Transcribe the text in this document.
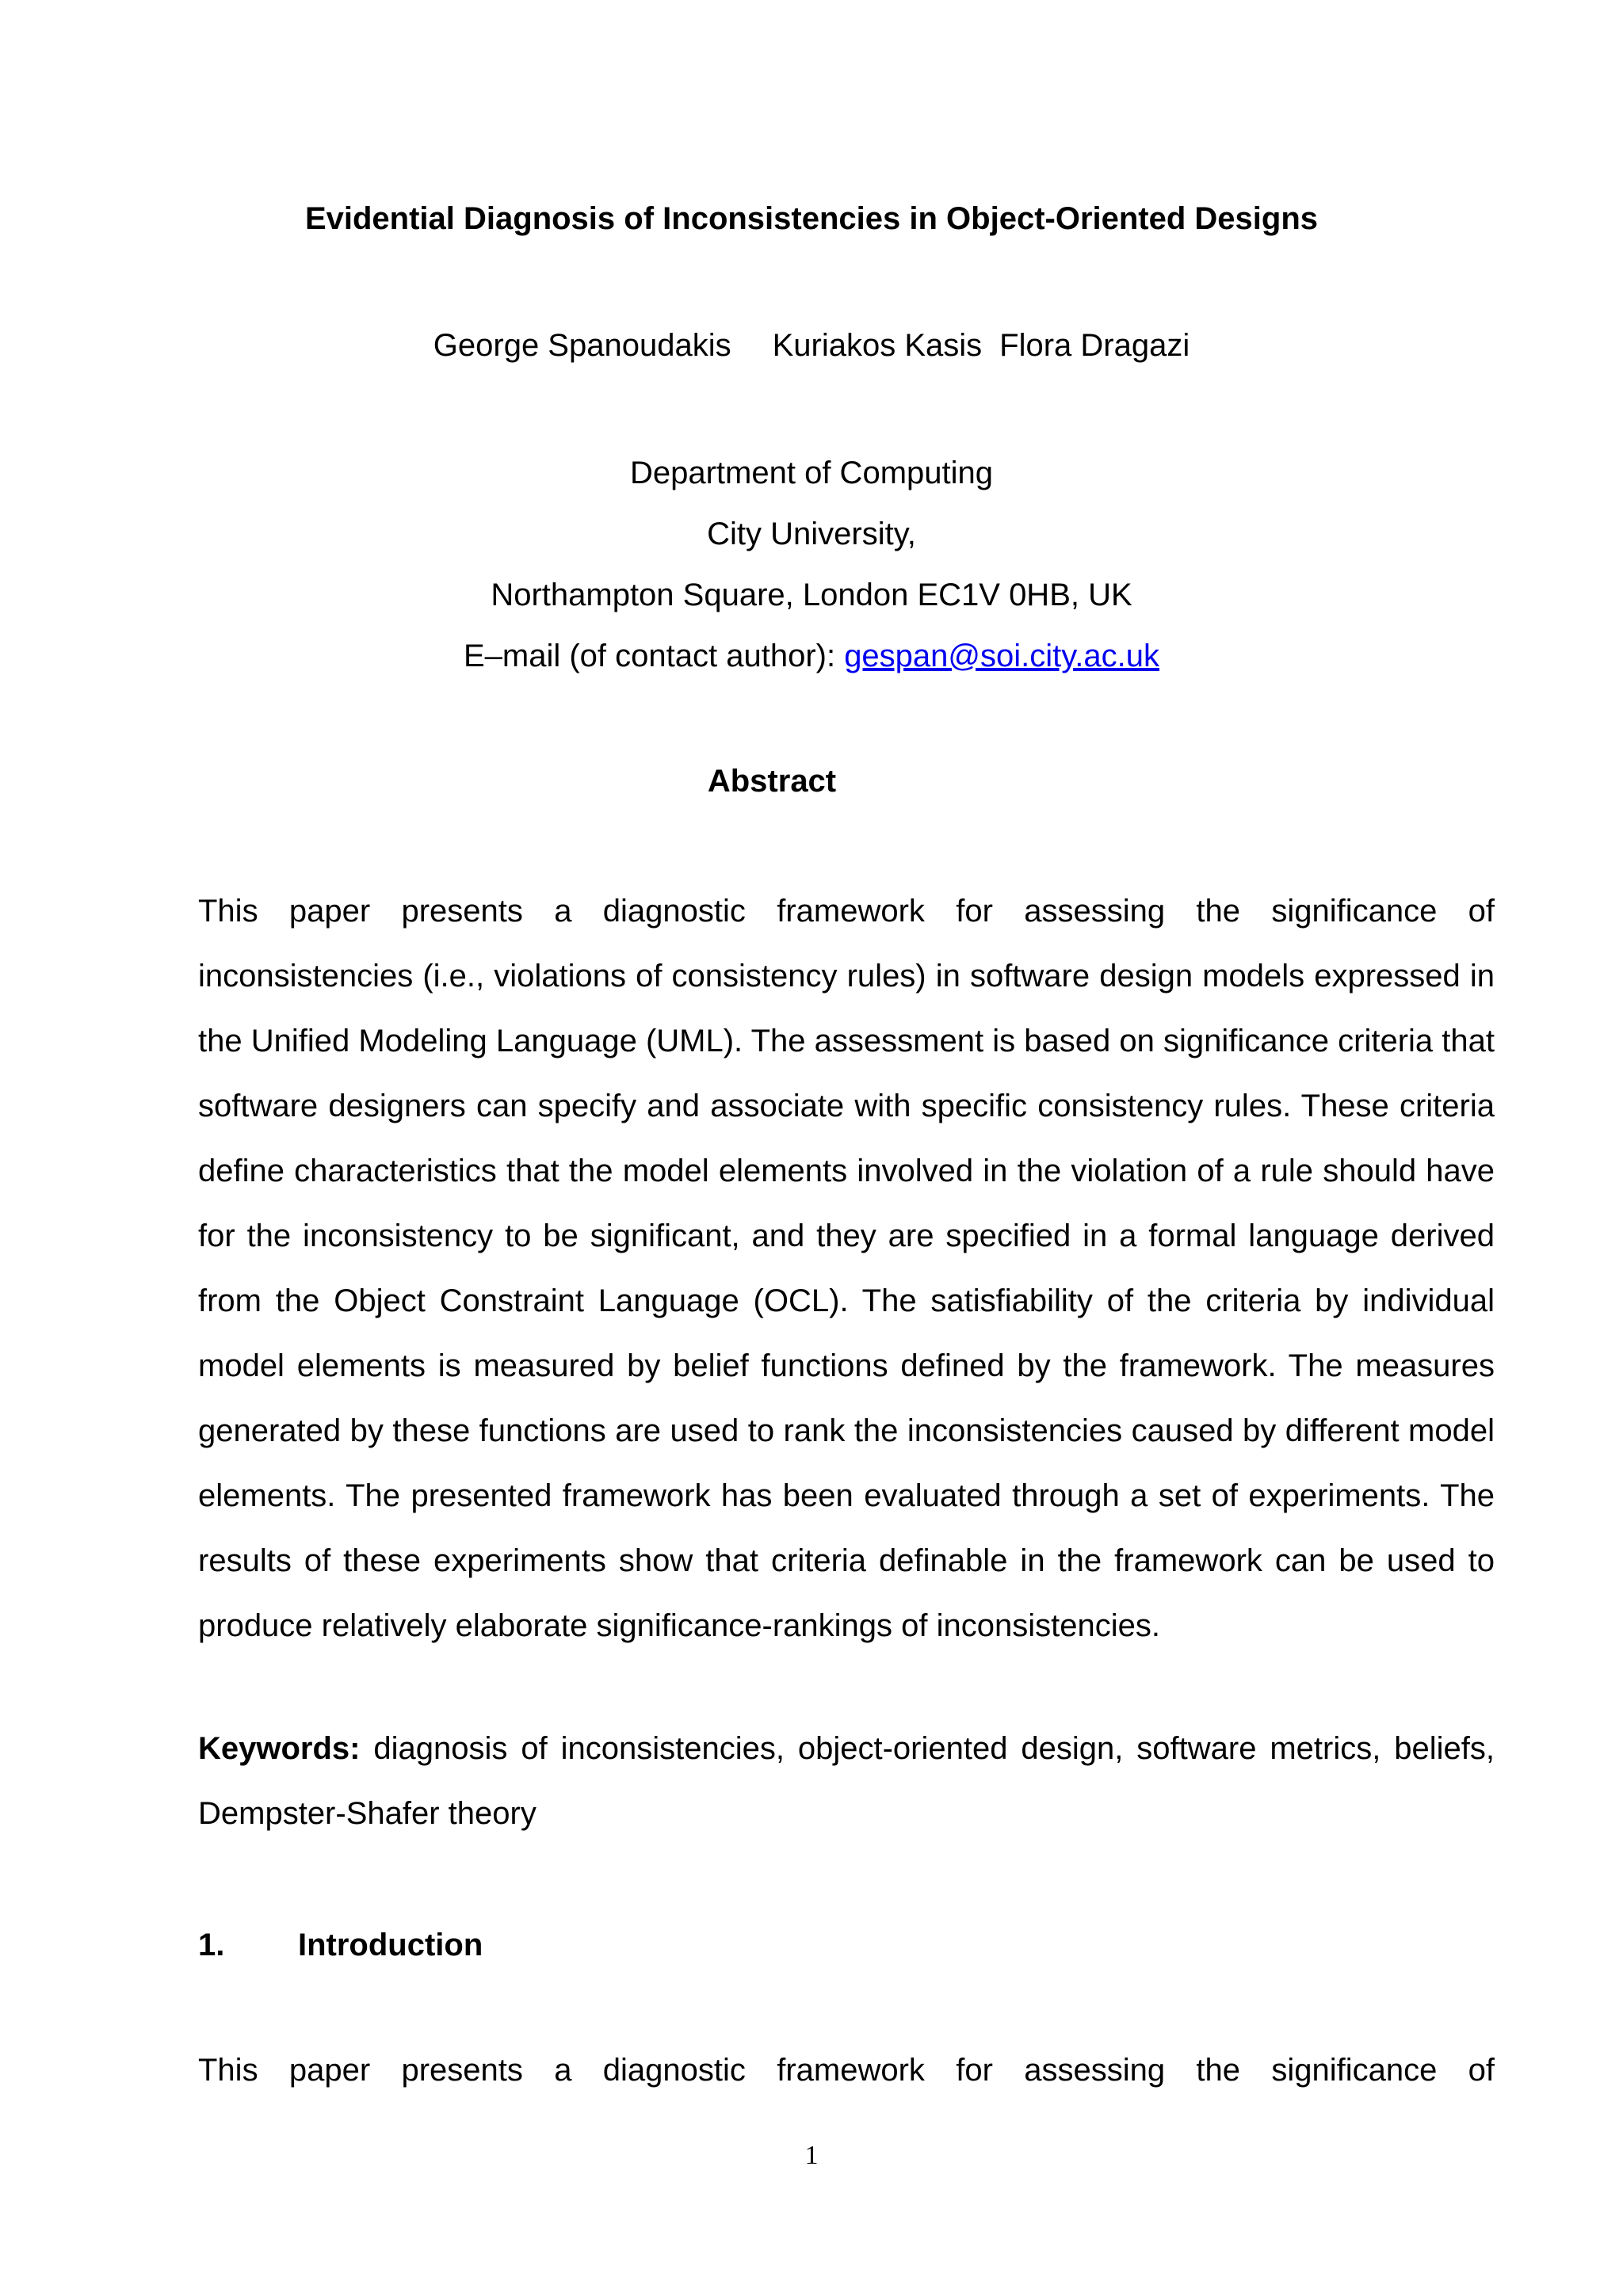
Evidential Diagnosis of Inconsistencies in Object-Oriented Designs
George Spanoudakis Kuriakos Kasis Flora Dragazi
Department of Computing
City University,
Northampton Square, London EC1V 0HB, UK
E–mail (of contact author): gespan@soi.city.ac.uk
Abstract
This paper presents a diagnostic framework for assessing the significance of inconsistencies (i.e., violations of consistency rules) in software design models expressed in the Unified Modeling Language (UML). The assessment is based on significance criteria that software designers can specify and associate with specific consistency rules. These criteria define characteristics that the model elements involved in the violation of a rule should have for the inconsistency to be significant, and they are specified in a formal language derived from the Object Constraint Language (OCL). The satisfiability of the criteria by individual model elements is measured by belief functions defined by the framework. The measures generated by these functions are used to rank the inconsistencies caused by different model elements. The presented framework has been evaluated through a set of experiments. The results of these experiments show that criteria definable in the framework can be used to produce relatively elaborate significance-rankings of inconsistencies.
Keywords: diagnosis of inconsistencies, object-oriented design, software metrics, beliefs, Dempster-Shafer theory
1. Introduction
This paper presents a diagnostic framework for assessing the significance of
1
